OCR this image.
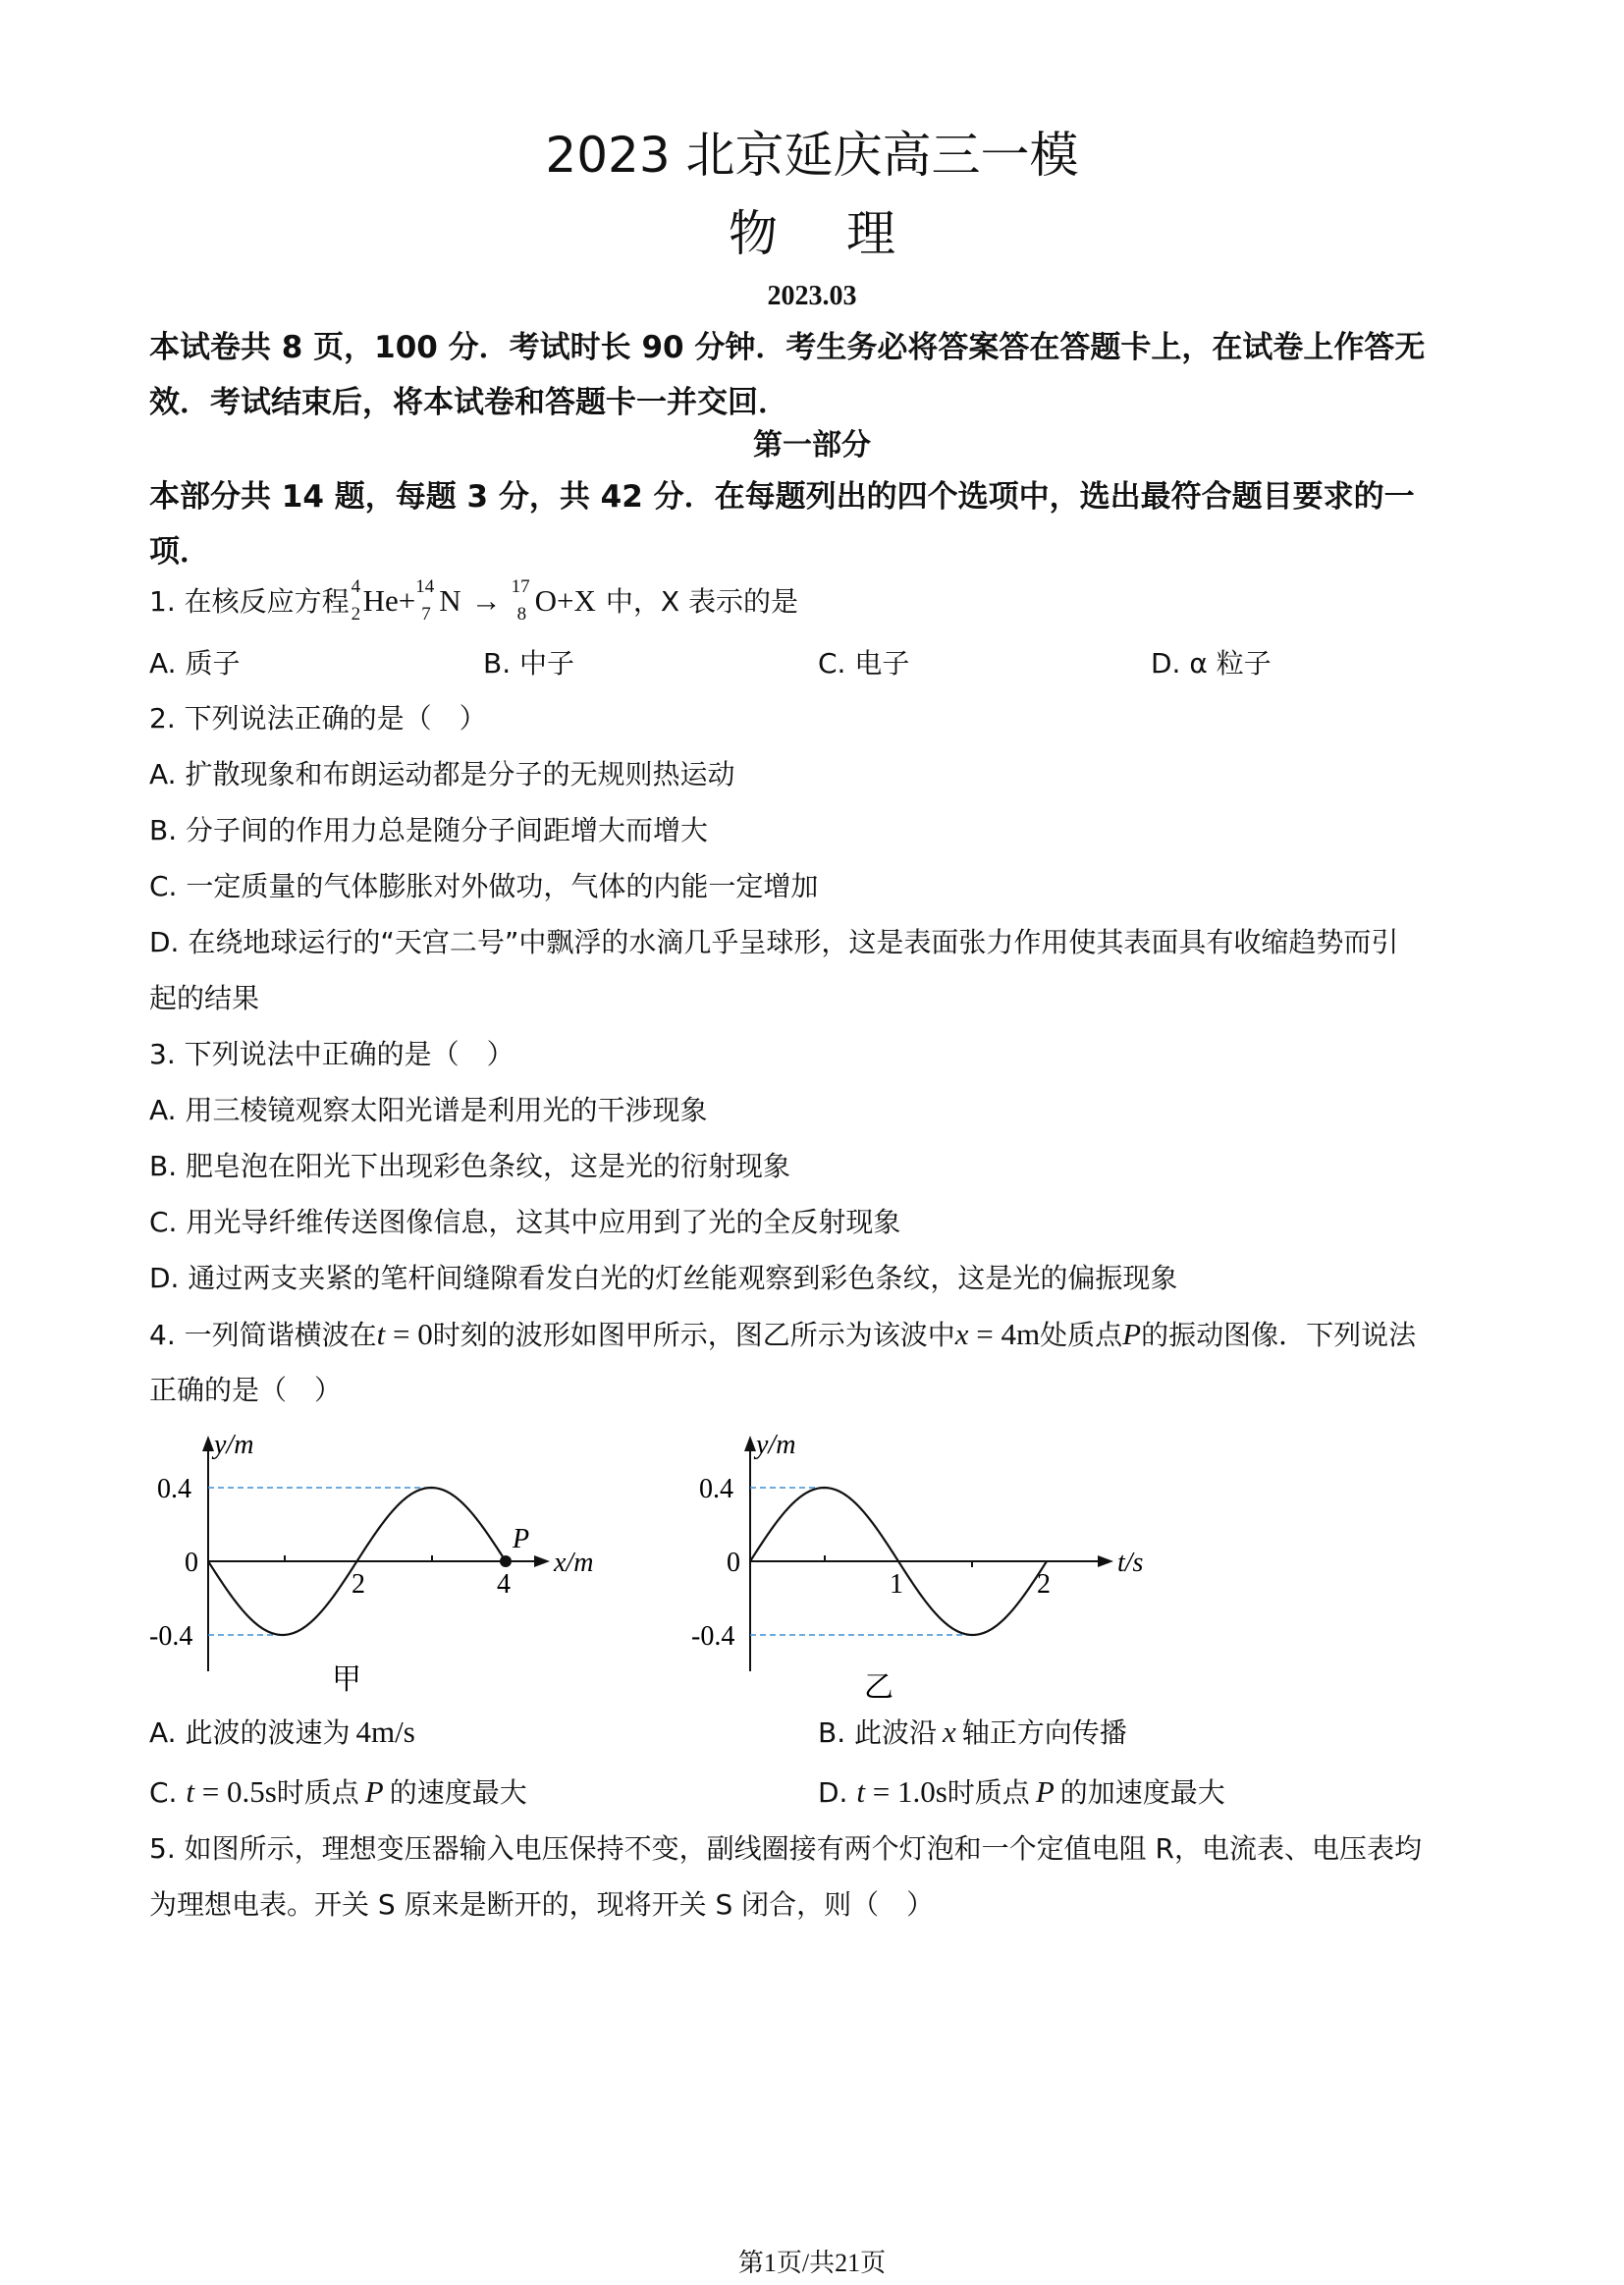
2023 北京延庆高三一模
物理
2023.03
本试卷共 8 页，100 分．考试时长 90 分钟．考生务必将答案答在答题卡上，在试卷上作答无
效．考试结束后，将本试卷和答题卡一并交回．
第一部分
本部分共 14 题，每题 3 分，共 42 分．在每题列出的四个选项中，选出最符合题目要求的一
项．
1. 在核反应方程 4
2 He+ 14
7 N → 17
8 O+X 中，X 表示的是
A. 质子	B. 中子	C. 电子	D. α 粒子
2. 下列说法正确的是（　）
A. 扩散现象和布朗运动都是分子的无规则热运动
B. 分子间的作用力总是随分子间距增大而增大
C. 一定质量的气体膨胀对外做功，气体的内能一定增加
D. 在绕地球运行的“天宫二号”中飘浮的水滴几乎呈球形，这是表面张力作用使其表面具有收缩趋势而引
起的结果
3. 下列说法中正确的是（　）
A. 用三棱镜观察太阳光谱是利用光的干涉现象
B. 肥皂泡在阳光下出现彩色条纹，这是光的衍射现象
C. 用光导纤维传送图像信息，这其中应用到了光的全反射现象
D. 通过两支夹紧的笔杆间缝隙看发白光的灯丝能观察到彩色条纹，这是光的偏振现象
4. 一列简谐横波在t = 0时刻的波形如图甲所示，图乙所示为该波中x = 4m处质点P的振动图像．下列说法
正确的是（　）
y/m
0.4
0
-0.4
2	4
P
x/m
甲
y/m
0.4
0
-0.4
1	2
t/s
乙
A. 此波的波速为 4m/s	B. 此波沿 x 轴正方向传播
C. t = 0.5s时质点 P 的速度最大	D. t = 1.0s时质点 P 的加速度最大
5. 如图所示，理想变压器输入电压保持不变，副线圈接有两个灯泡和一个定值电阻 R，电流表、电压表均
为理想电表。开关 S 原来是断开的，现将开关 S 闭合，则（　）
第1页/共21页
